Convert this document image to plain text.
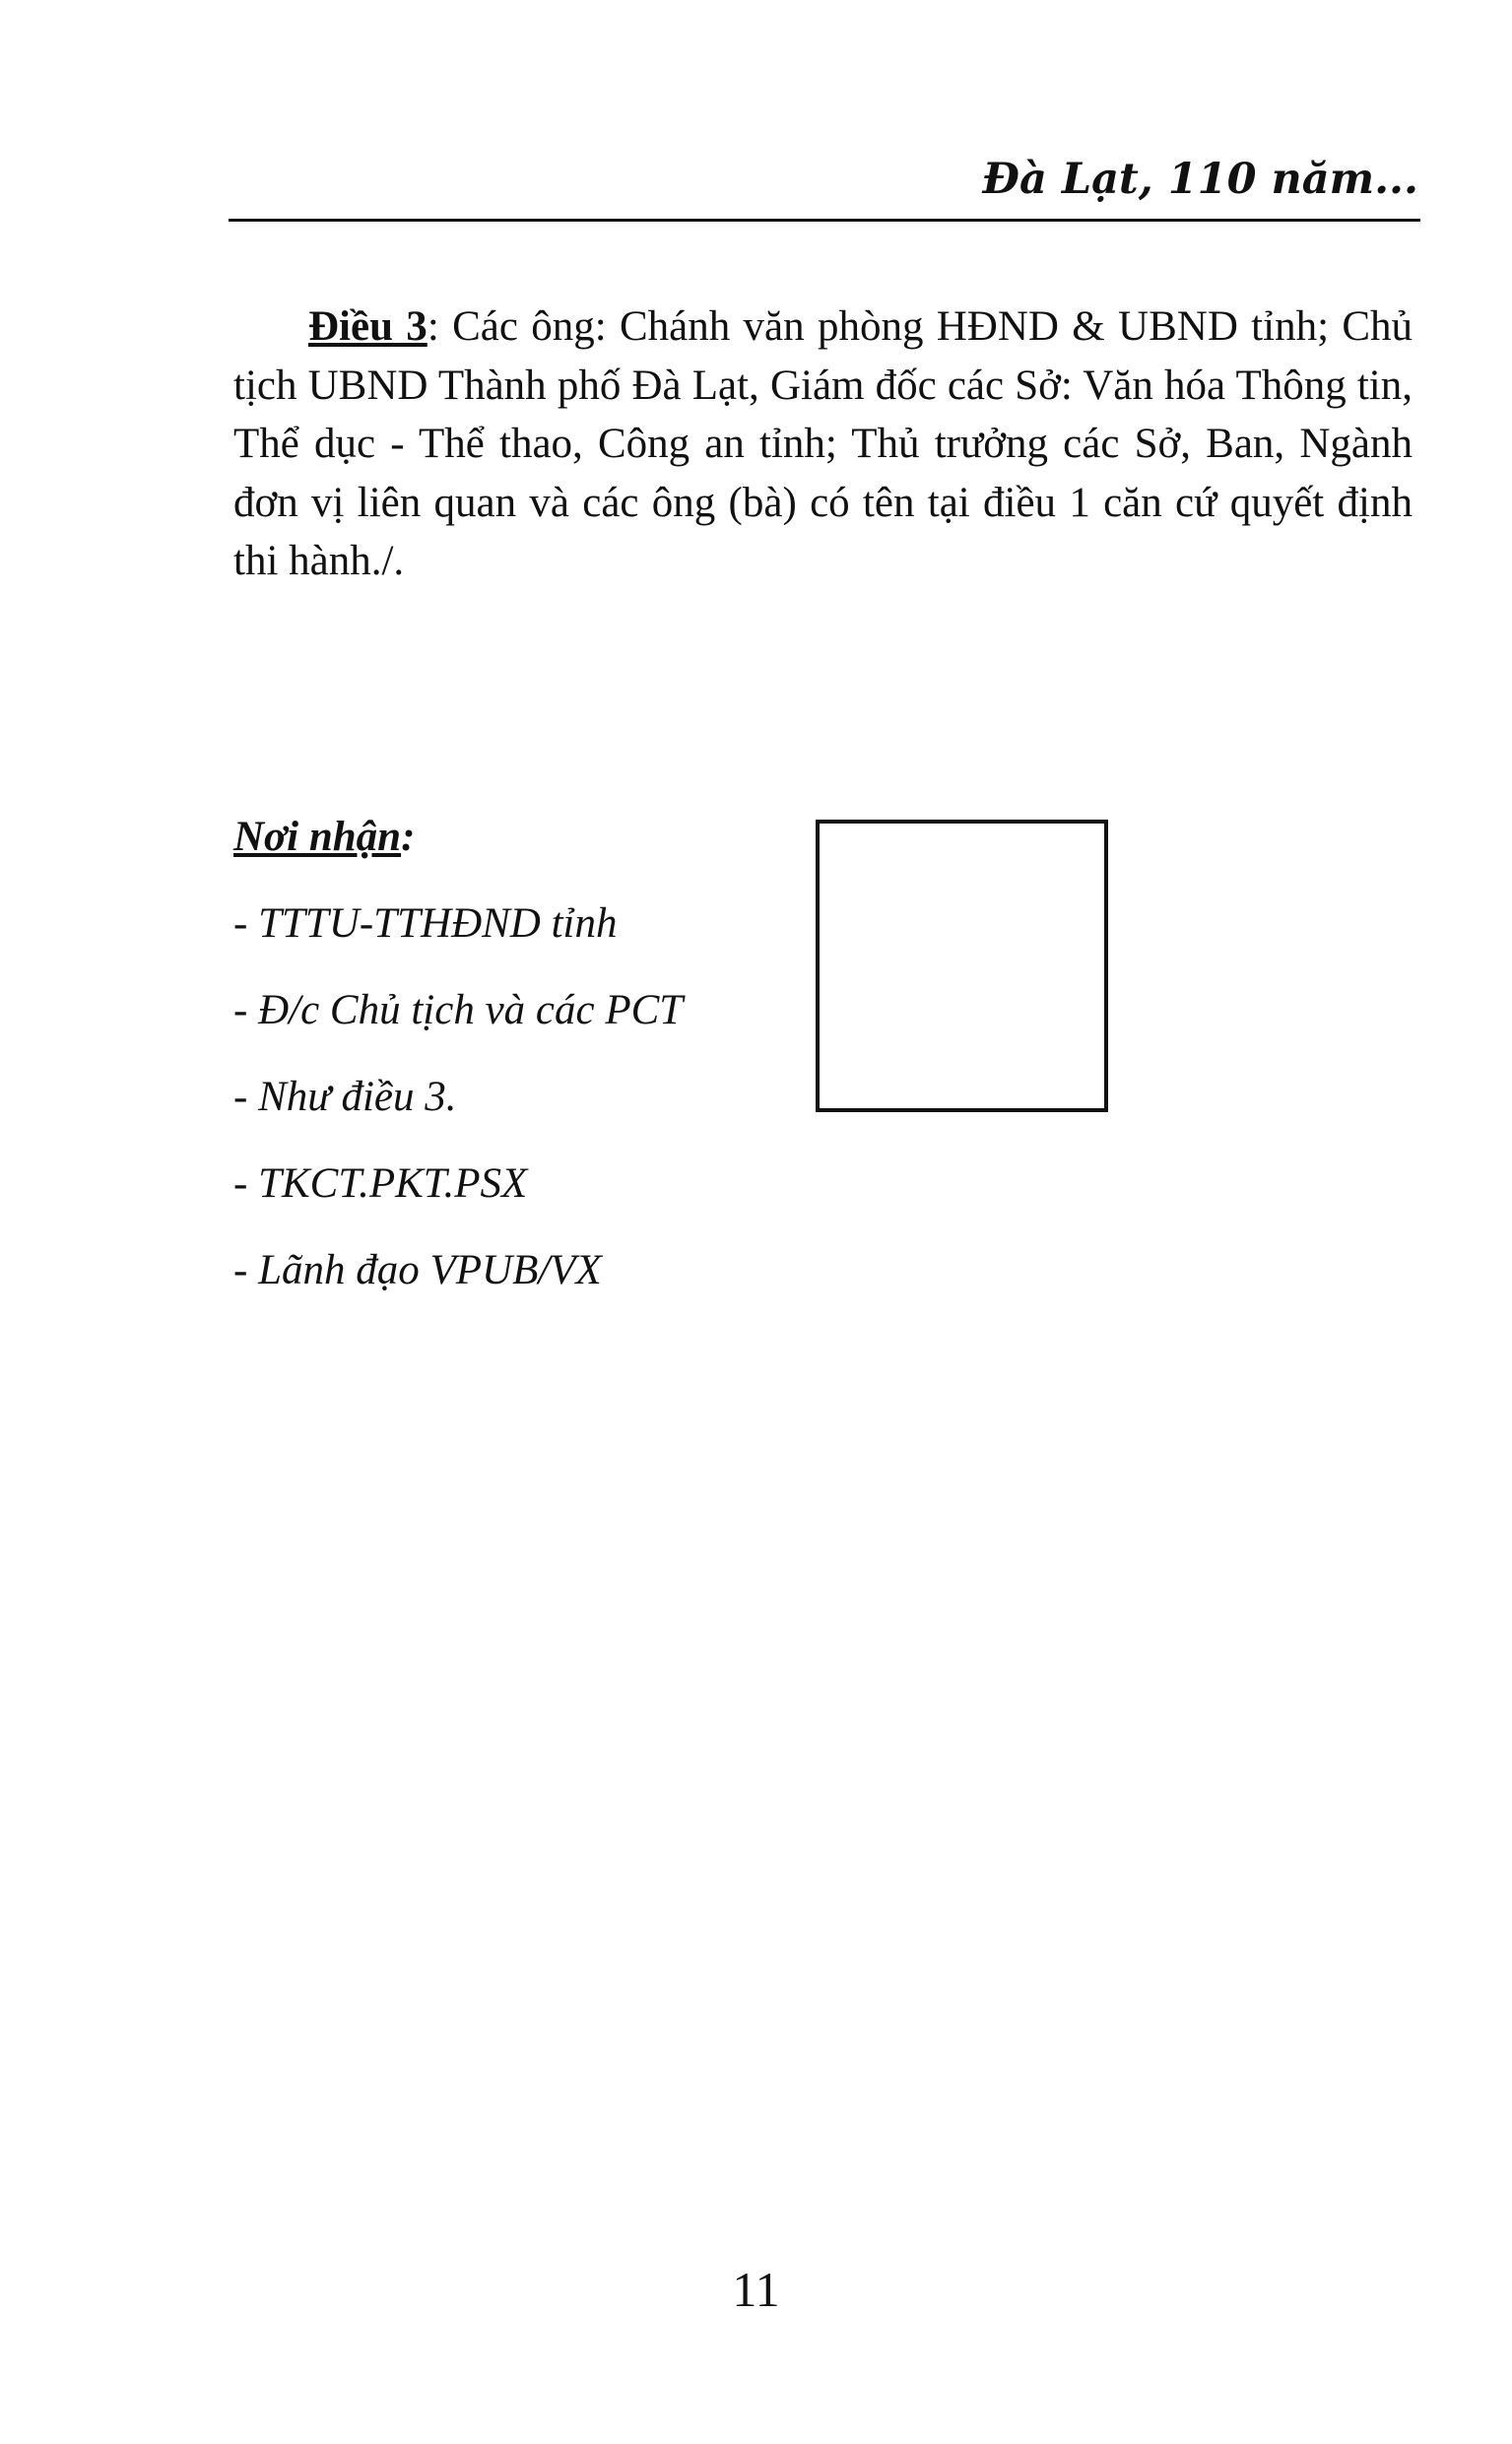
Đà Lạt, 110 năm...

Điều 3: Các ông: Chánh văn phòng HĐND & UBND tỉnh; Chủ tịch UBND Thành phố Đà Lạt, Giám đốc các Sở: Văn hóa Thông tin, Thể dục - Thể thao, Công an tỉnh; Thủ trưởng các Sở, Ban, Ngành đơn vị liên quan và các ông (bà) có tên tại điều 1 căn cứ quyết định thi hành./.

Nơi nhận:

- TTTU-TTHĐND tỉnh
- Đ/c Chủ tịch và các PCT
- Như điều 3.
- TKCT.PKT.PSX
- Lãnh đạo VPUB/VX
11
